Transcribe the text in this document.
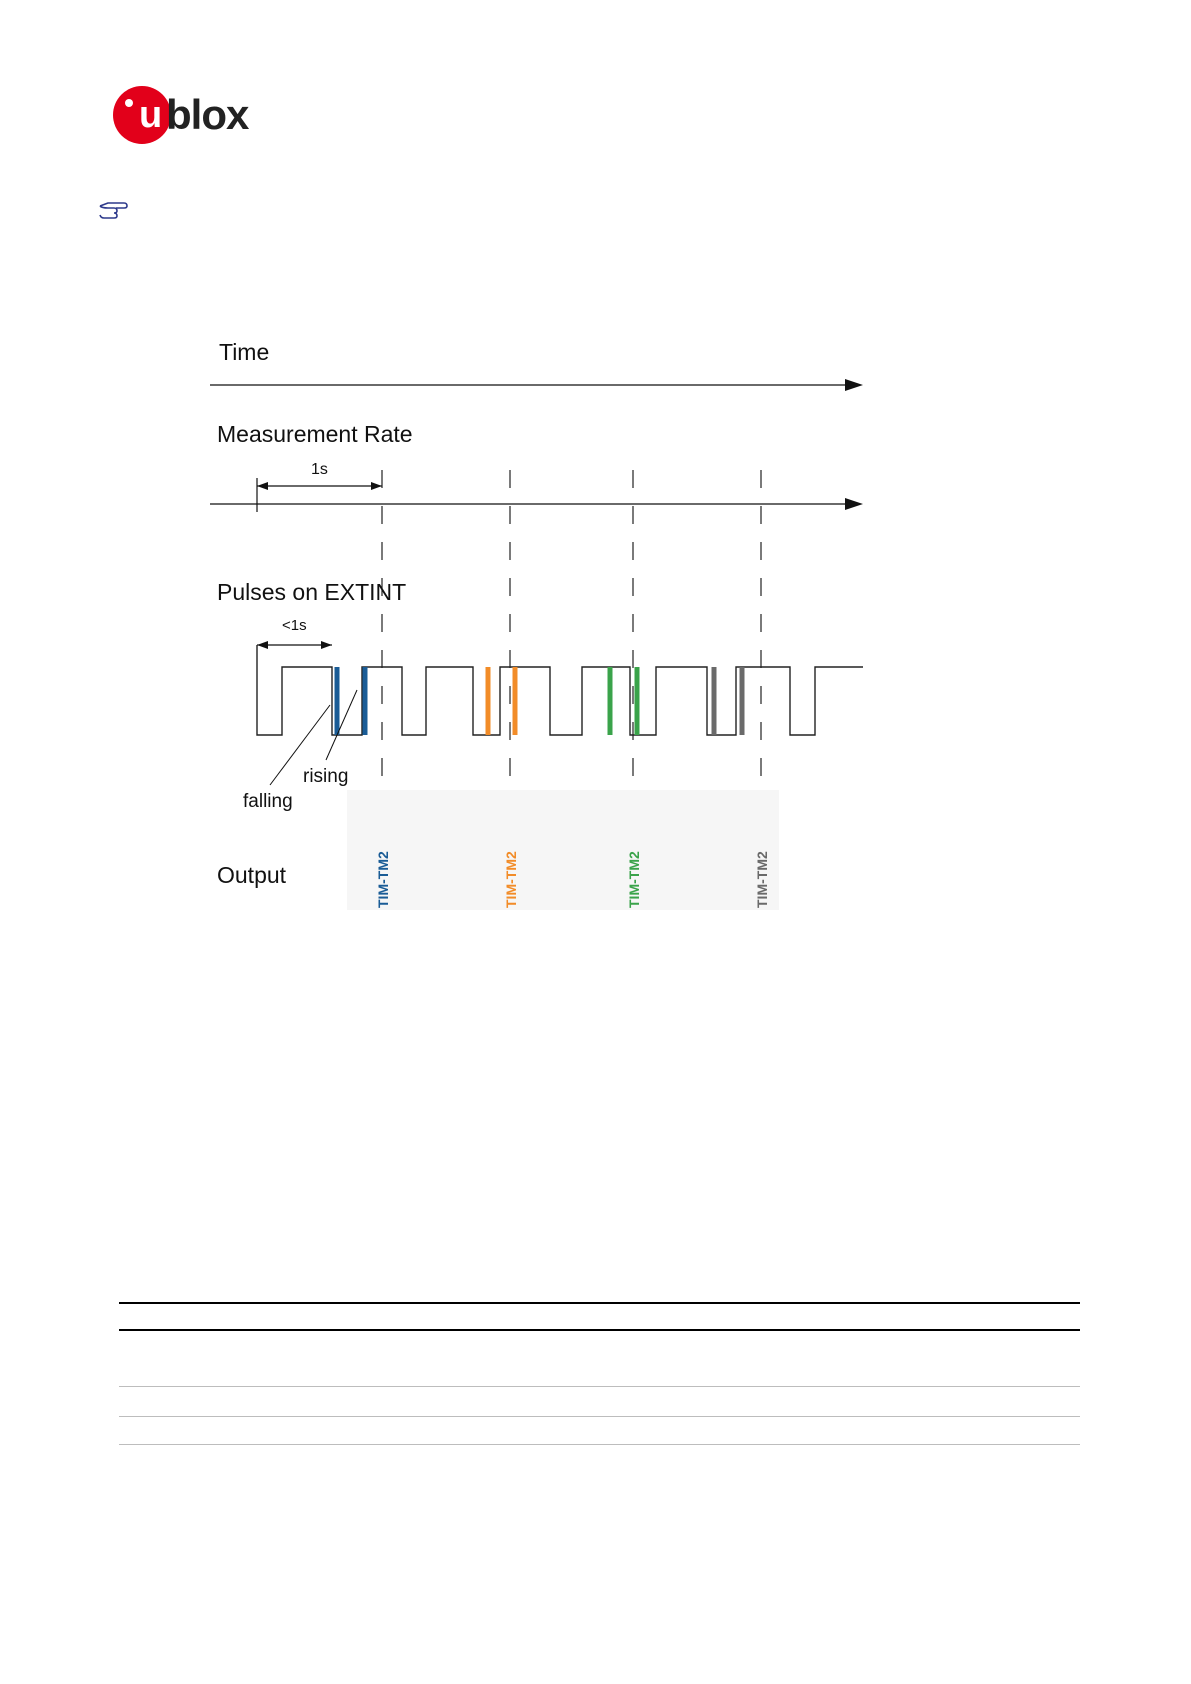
u blox
Time
Measurement Rate
1s
Pulses on EXTINT
<1s
rising
falling
Output	TIM-TM2	TIM-TM2	TIM-TM2	TIM-TM2
